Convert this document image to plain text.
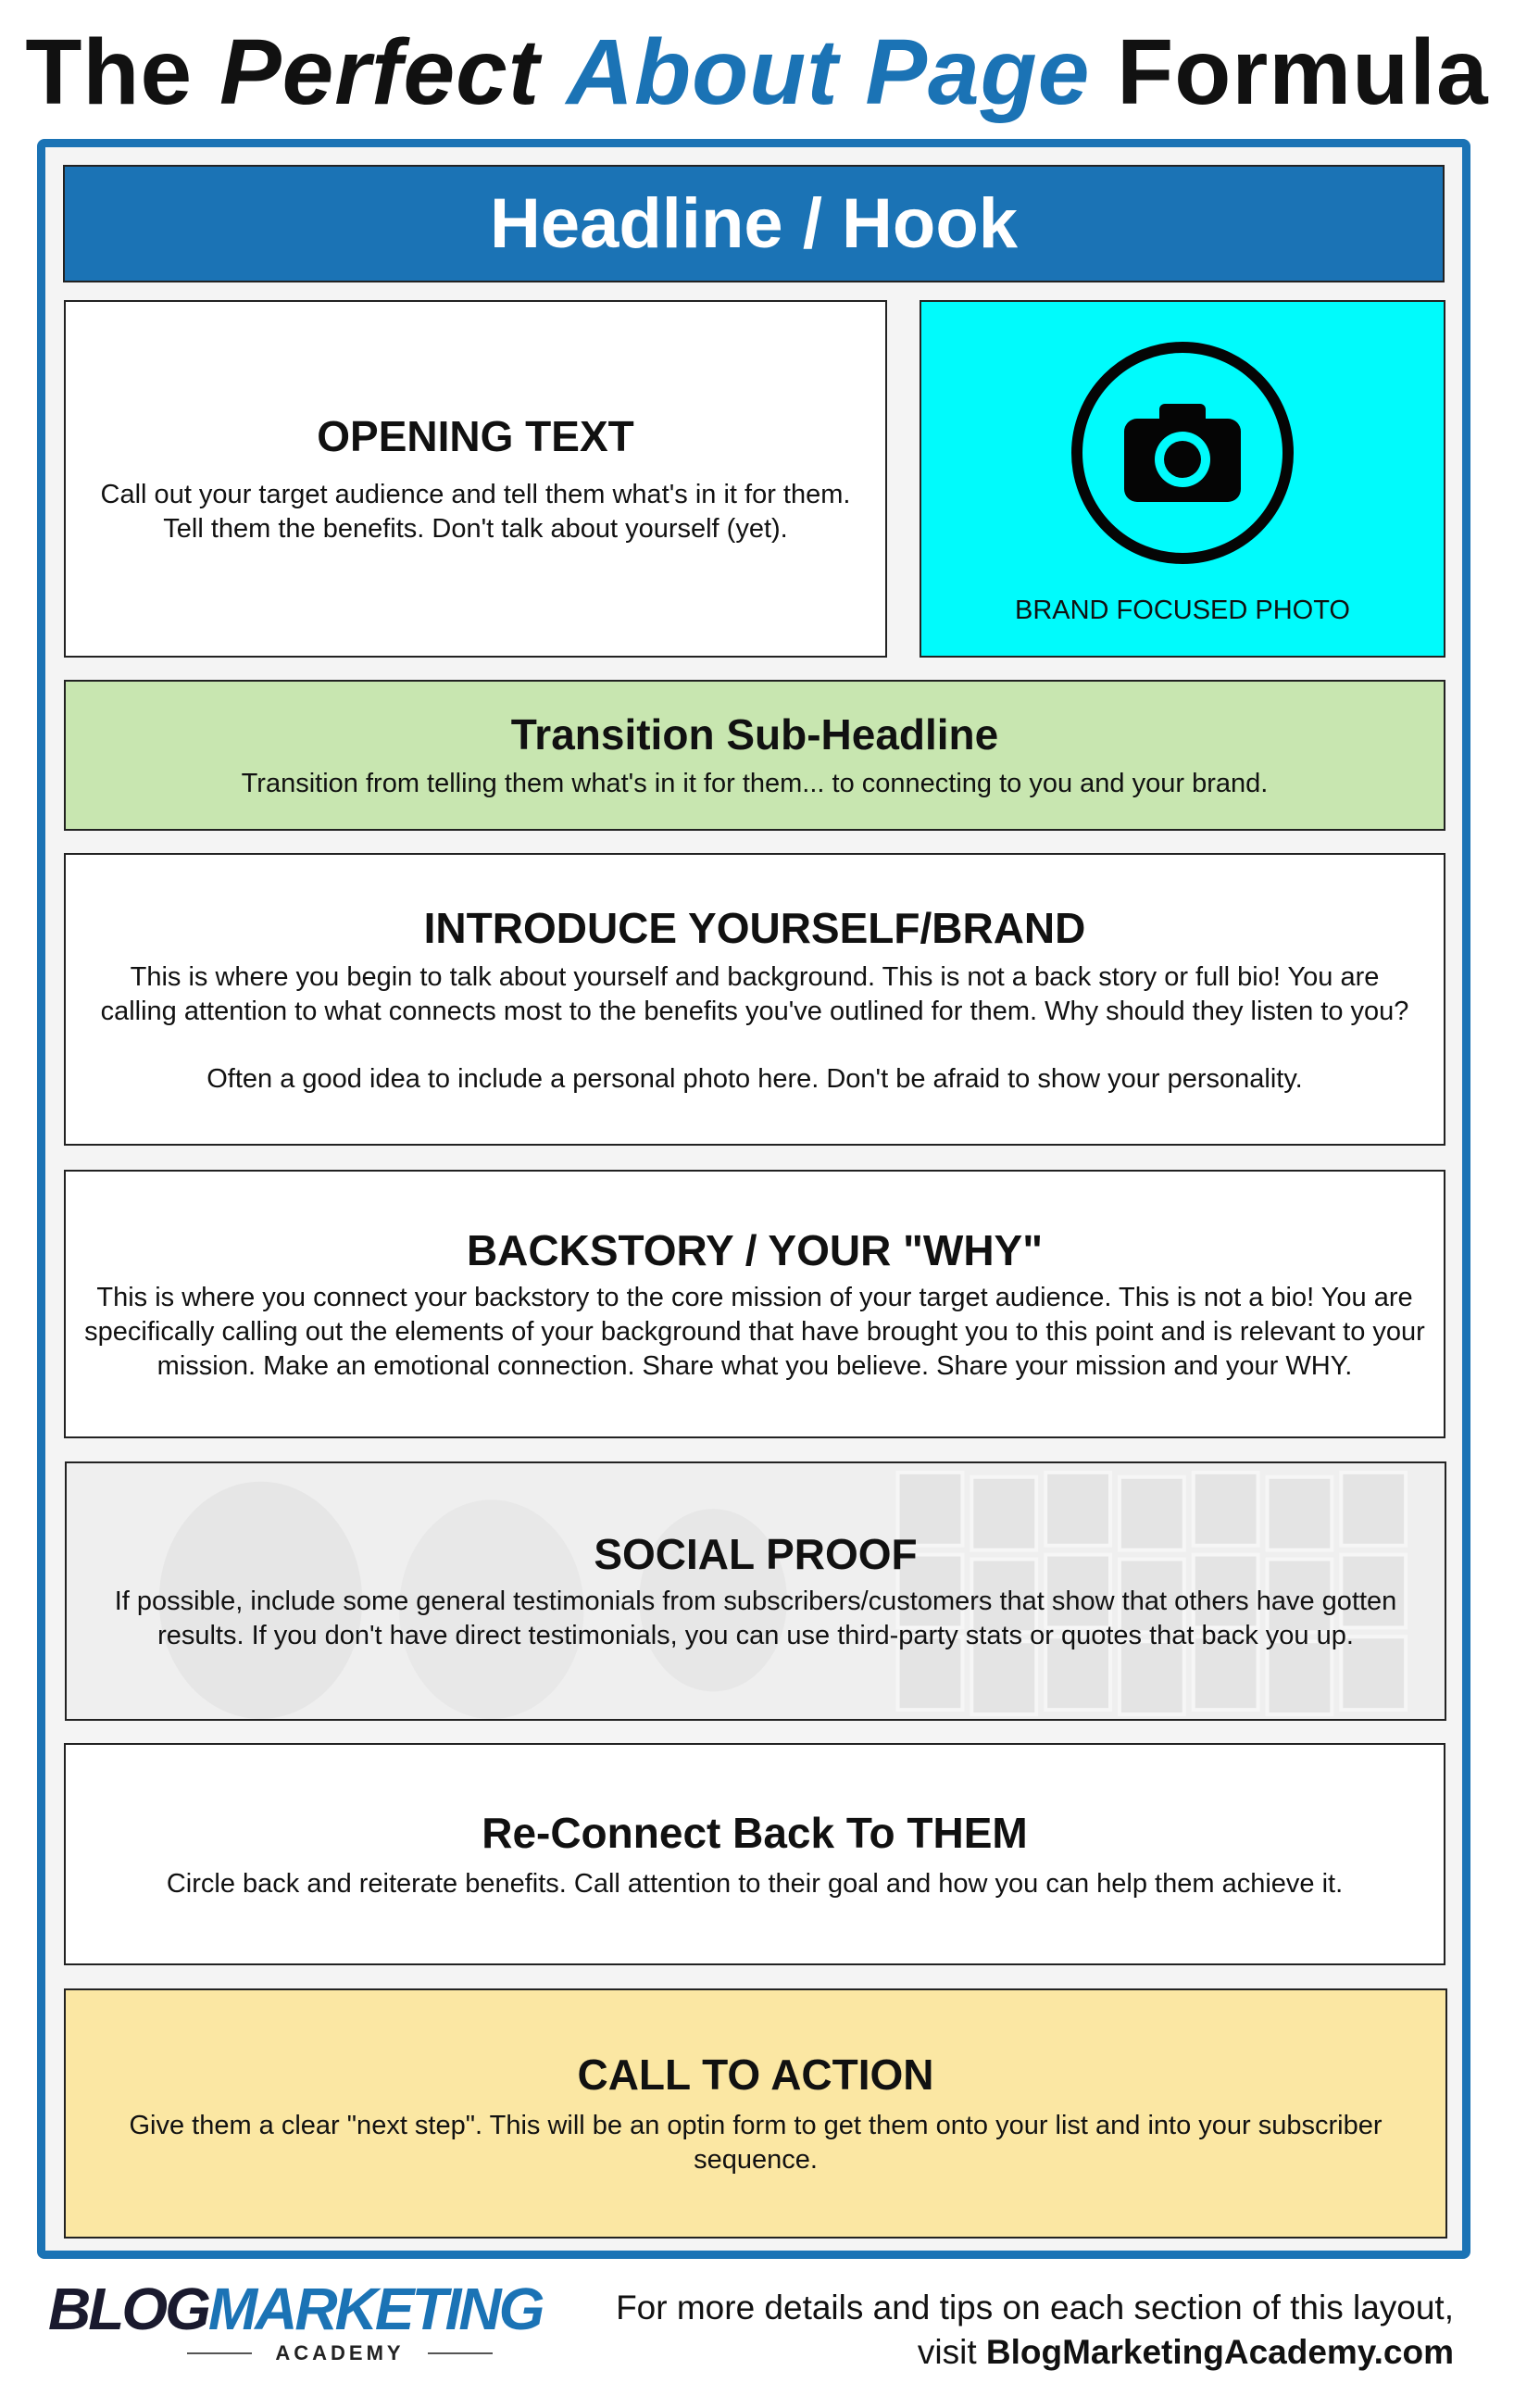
The Perfect About Page Formula
Headline / Hook
OPENING TEXT

Call out your target audience and tell them what's in it for them. Tell them the benefits. Don't talk about yourself (yet).

BRAND FOCUSED PHOTO
Transition Sub-Headline

Transition from telling them what's in it for them... to connecting to you and your brand.

INTRODUCE YOURSELF/BRAND

This is where you begin to talk about yourself and background. This is not a back story or full bio! You are calling attention to what connects most to the benefits you've outlined for them. Why should they listen to you?

Often a good idea to include a personal photo here. Don't be afraid to show your personality.

BACKSTORY / YOUR "WHY"

This is where you connect your backstory to the core mission of your target audience. This is not a bio! You are specifically calling out the elements of your background that have brought you to this point and is relevant to your mission. Make an emotional connection. Share what you believe. Share your mission and your WHY.

SOCIAL PROOF

If possible, include some general testimonials from subscribers/customers that show that others have gotten results. If you don't have direct testimonials, you can use third-party stats or quotes that back you up.

Re-Connect Back To THEM

Circle back and reiterate benefits. Call attention to their goal and how you can help them achieve it.

CALL TO ACTION

Give them a clear "next step". This will be an optin form to get them onto your list and into your subscriber sequence.

BLOGMARKETING
ACADEMY
For more details and tips on each section of this layout,
visit BlogMarketingAcademy.com
